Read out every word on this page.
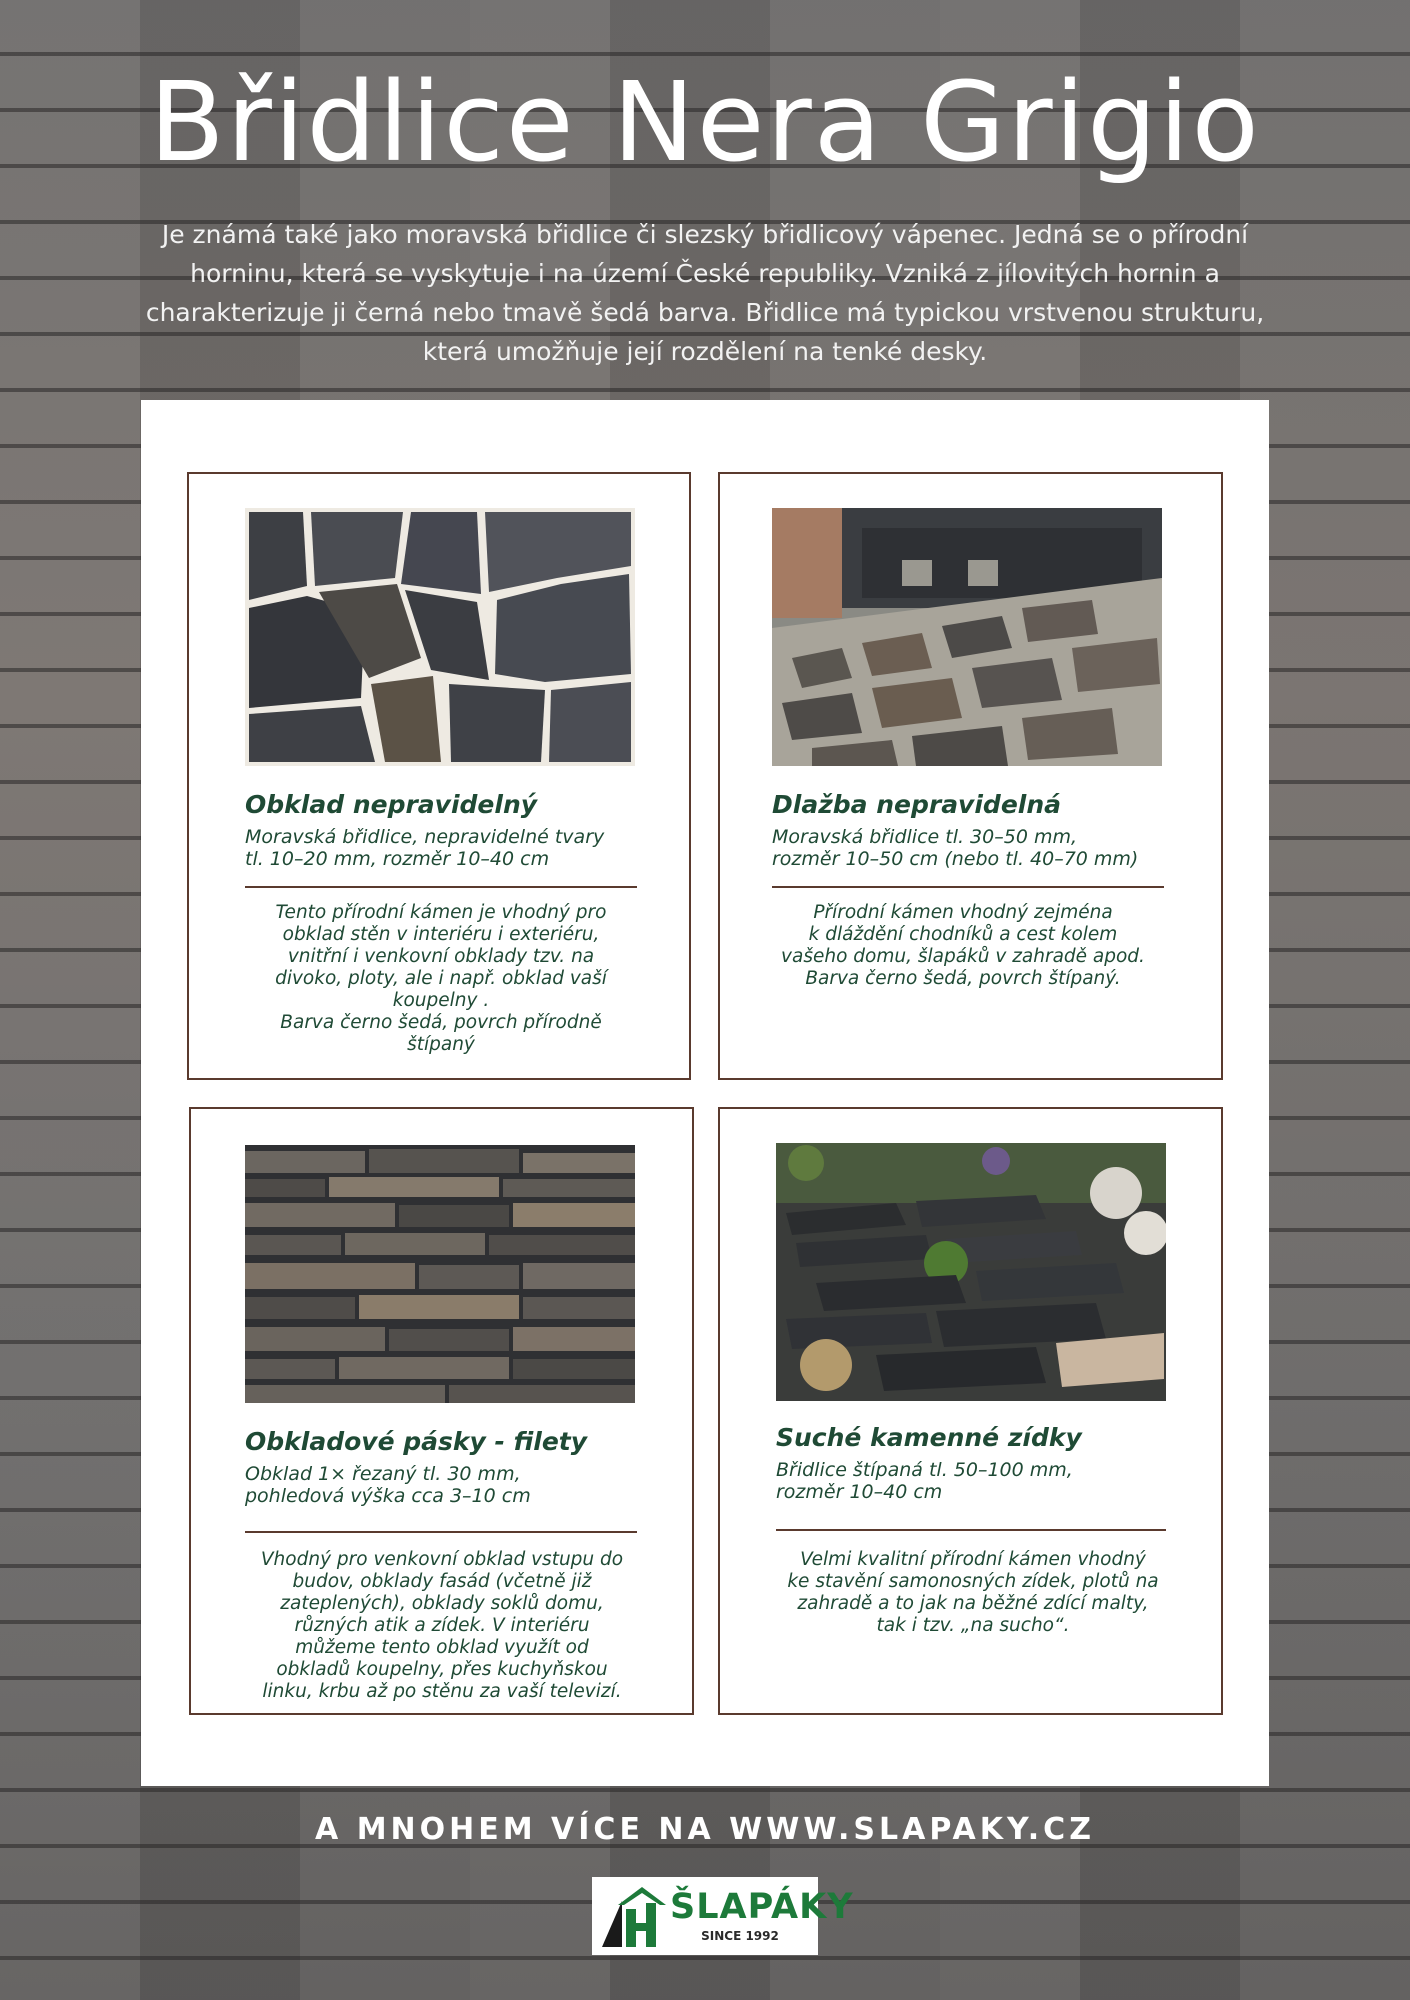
Břidlice Nera Grigio

Je známá také jako moravská břidlice či slezský břidlicový vápenec. Jedná se o přírodní horninu, která se vyskytuje i na území České republiky. Vzniká z jílovitých hornin a charakterizuje ji černá nebo tmavě šedá barva. Břidlice má typickou vrstvenou strukturu, která umožňuje její rozdělení na tenké desky.

Obklad nepravidelný

Moravská břidlice, nepravidelné tvary
tl. 10–20 mm, rozměr 10–40 cm

Tento přírodní kámen je vhodný pro
obklad stěn v interiéru i exteriéru,
vnitřní i venkovní obklady tzv. na
divoko, ploty, ale i např. obklad vaší
koupelny .
Barva černo šedá, povrch přírodně
štípaný

Dlažba nepravidelná

Moravská břidlice tl. 30–50 mm,
rozměr 10–50 cm (nebo tl. 40–70 mm)

Přírodní kámen vhodný zejména
k dláždění chodníků a cest kolem
vašeho domu, šlapáků v zahradě apod.
Barva černo šedá, povrch štípaný.

Obkladové pásky - filety

Obklad 1× řezaný tl. 30 mm,
pohledová výška cca 3–10 cm

Vhodný pro venkovní obklad vstupu do
budov, obklady fasád (včetně již
zateplených), obklady soklů domu,
různých atik a zídek. V interiéru
můžeme tento obklad využít od
obkladů koupelny, přes kuchyňskou
linku, krbu až po stěnu za vaší televizí.

Suché kamenné zídky

Břidlice štípaná tl. 50–100 mm,
rozměr 10–40 cm

Velmi kvalitní přírodní kámen vhodný
ke stavění samonosných zídek, plotů na
zahradě a to jak na běžné zdící malty,
tak i tzv. „na sucho“.

A MNOHEM VÍCE NA WWW.SLAPAKY.CZ
ŠLAPÁKY
SINCE 1992
